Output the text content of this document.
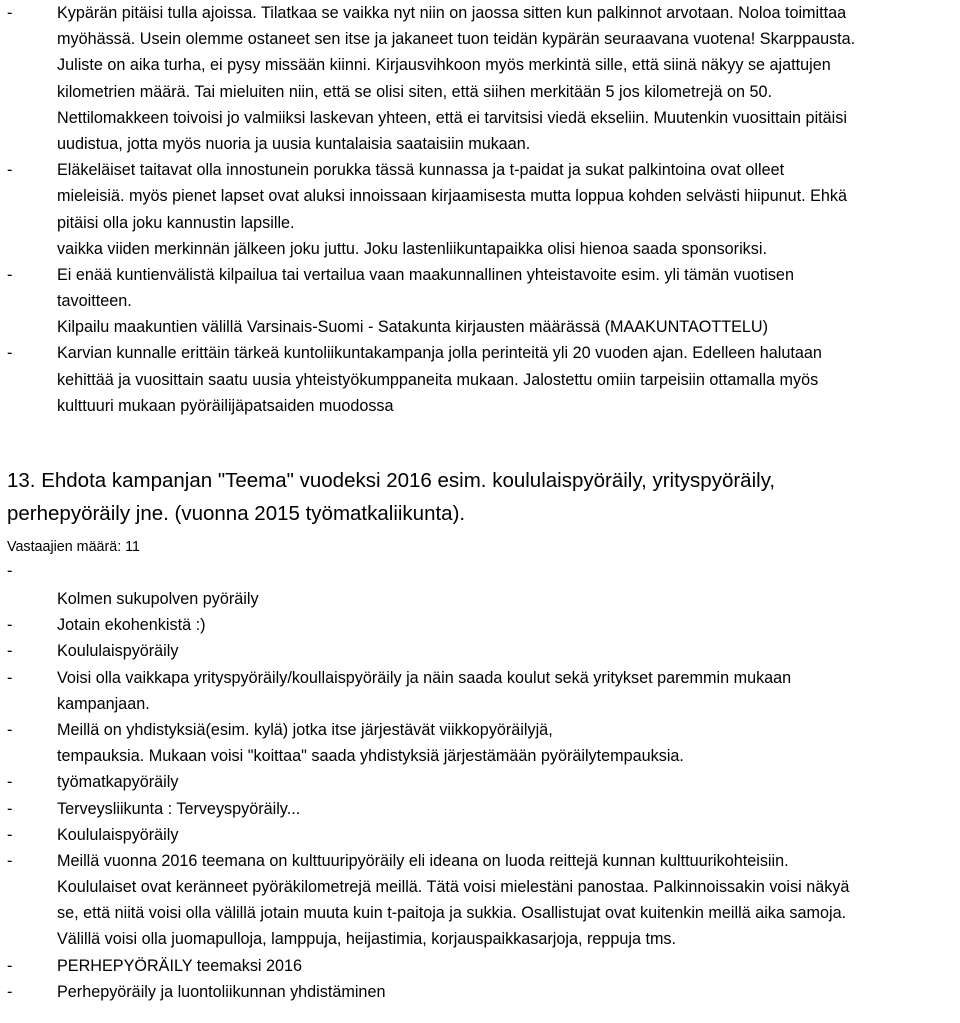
-	Kypärän pitäisi tulla ajoissa. Tilatkaa se vaikka nyt niin on jaossa sitten kun palkinnot arvotaan. Noloa toimittaa
myöhässä. Usein olemme ostaneet sen itse ja jakaneet tuon teidän kypärän seuraavana vuotena! Skarppausta.
Juliste on aika turha, ei pysy missään kiinni. Kirjausvihkoon myös merkintä sille, että siinä näkyy se ajattujen
kilometrien määrä. Tai mieluiten niin, että se olisi siten, että siihen merkitään 5 jos kilometrejä on 50.
Nettilomakkeen toivoisi jo valmiiksi laskevan yhteen, että ei tarvitsisi viedä ekseliin. Muutenkin vuosittain pitäisi
uudistua, jotta myös nuoria ja uusia kuntalaisia saataisiin mukaan.
-	Eläkeläiset taitavat olla innostunein porukka tässä kunnassa ja t-paidat ja sukat palkintoina ovat olleet
mieleisiä. myös pienet lapset ovat aluksi innoissaan kirjaamisesta mutta loppua kohden selvästi hiipunut. Ehkä
pitäisi olla joku kannustin lapsille.
vaikka viiden merkinnän jälkeen joku juttu. Joku lastenliikuntapaikka olisi hienoa saada sponsoriksi.
-	Ei enää kuntienvälistä kilpailua tai vertailua vaan maakunnallinen yhteistavoite esim. yli tämän vuotisen
tavoitteen.
Kilpailu maakuntien välillä Varsinais-Suomi - Satakunta kirjausten määrässä (MAAKUNTAOTTELU)
-	Karvian kunnalle erittäin tärkeä kuntoliikuntakampanja jolla perinteitä yli 20 vuoden ajan. Edelleen halutaan
kehittää ja vuosittain saatu uusia yhteistyökumppaneita mukaan. Jalostettu omiin tarpeisiin ottamalla myös
kulttuuri mukaan pyöräilijäpatsaiden muodossa
13. Ehdota kampanjan "Teema" vuodeksi 2016 esim. koululaispyöräily, yrityspyöräily,
perhepyöräily jne. (vuonna 2015 työmatkaliikunta).
Vastaajien määrä: 11
-
Kolmen sukupolven pyöräily
-	Jotain ekohenkistä :)
-	Koululaispyöräily
-	Voisi olla vaikkapa yrityspyöräily/koullaispyöräily ja näin saada koulut sekä yritykset paremmin mukaan
kampanjaan.
-	Meillä on yhdistyksiä(esim. kylä) jotka itse järjestävät viikkopyöräilyjä,
tempauksia. Mukaan voisi "koittaa" saada yhdistyksiä järjestämään pyöräilytempauksia.
-	työmatkapyöräily
-	Terveysliikunta : Terveyspyöräily...
-	Koululaispyöräily
-	Meillä vuonna 2016 teemana on kulttuuripyöräily eli ideana on luoda reittejä kunnan kulttuurikohteisiin.
Koululaiset ovat keränneet pyöräkilometrejä meillä. Tätä voisi mielestäni panostaa. Palkinnoissakin voisi näkyä
se, että niitä voisi olla välillä jotain muuta kuin t-paitoja ja sukkia. Osallistujat ovat kuitenkin meillä aika samoja.
Välillä voisi olla juomapulloja, lamppuja, heijastimia, korjauspaikkasarjoja, reppuja tms.
-	PERHEPYÖRÄILY teemaksi 2016
-	Perhepyöräily ja luontoliikunnan yhdistäminen
